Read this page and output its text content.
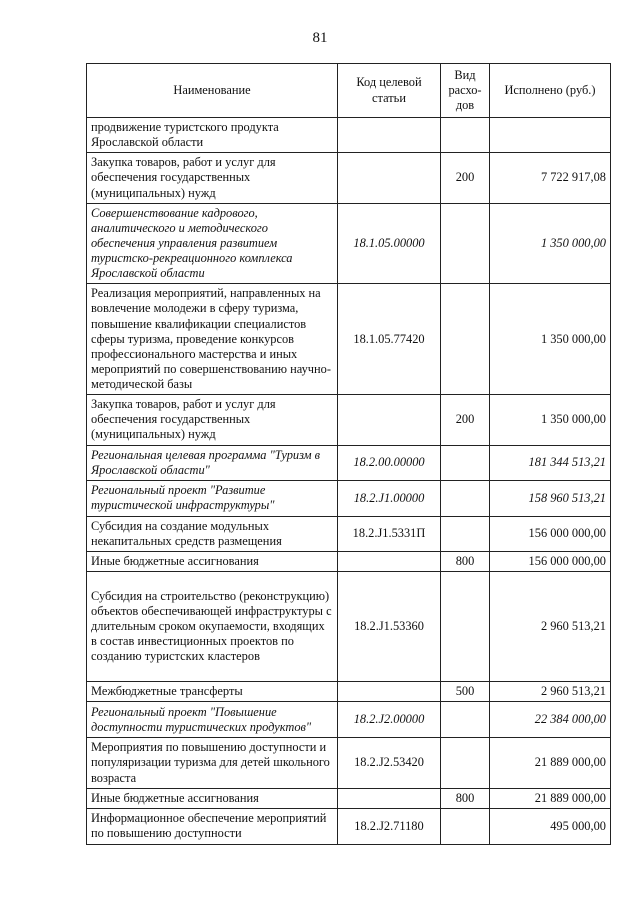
81
Наименование	Код целевой статьи	Вид расхо-дов	Исполнено (руб.)
продвижение туристского продукта Ярославской области			
Закупка товаров, работ и услуг для обеспечения государственных (муниципальных) нужд		200	7 722 917,08
Совершенствование кадрового, аналитического и методического обеспечения управления развитием туристско-рекреационного комплекса Ярославской области	18.1.05.00000		1 350 000,00
Реализация мероприятий, направленных на вовлечение молодежи в сферу туризма, повышение квалификации специалистов сферы туризма, проведение конкурсов профессионального мастерства и иных мероприятий по совершенствованию научно-методической базы	18.1.05.77420		1 350 000,00
Закупка товаров, работ и услуг для обеспечения государственных (муниципальных) нужд		200	1 350 000,00
Региональная целевая программа "Туризм в Ярославской области"	18.2.00.00000		181 344 513,21
Региональный проект "Развитие туристической инфраструктуры"	18.2.J1.00000		158 960 513,21
Субсидия на создание модульных некапитальных средств размещения	18.2.J1.5331П		156 000 000,00
Иные бюджетные ассигнования		800	156 000 000,00
Субсидия на строительство (реконструкцию) объектов обеспечивающей инфраструктуры с длительным сроком окупаемости, входящих в состав инвестиционных проектов по созданию туристских кластеров	18.2.J1.53360		2 960 513,21
Межбюджетные трансферты		500	2 960 513,21
Региональный проект "Повышение доступности туристических продуктов"	18.2.J2.00000		22 384 000,00
Мероприятия по повышению доступности и популяризации туризма для детей школьного возраста	18.2.J2.53420		21 889 000,00
Иные бюджетные ассигнования		800	21 889 000,00
Информационное обеспечение мероприятий по повышению доступности	18.2.J2.71180		495 000,00
